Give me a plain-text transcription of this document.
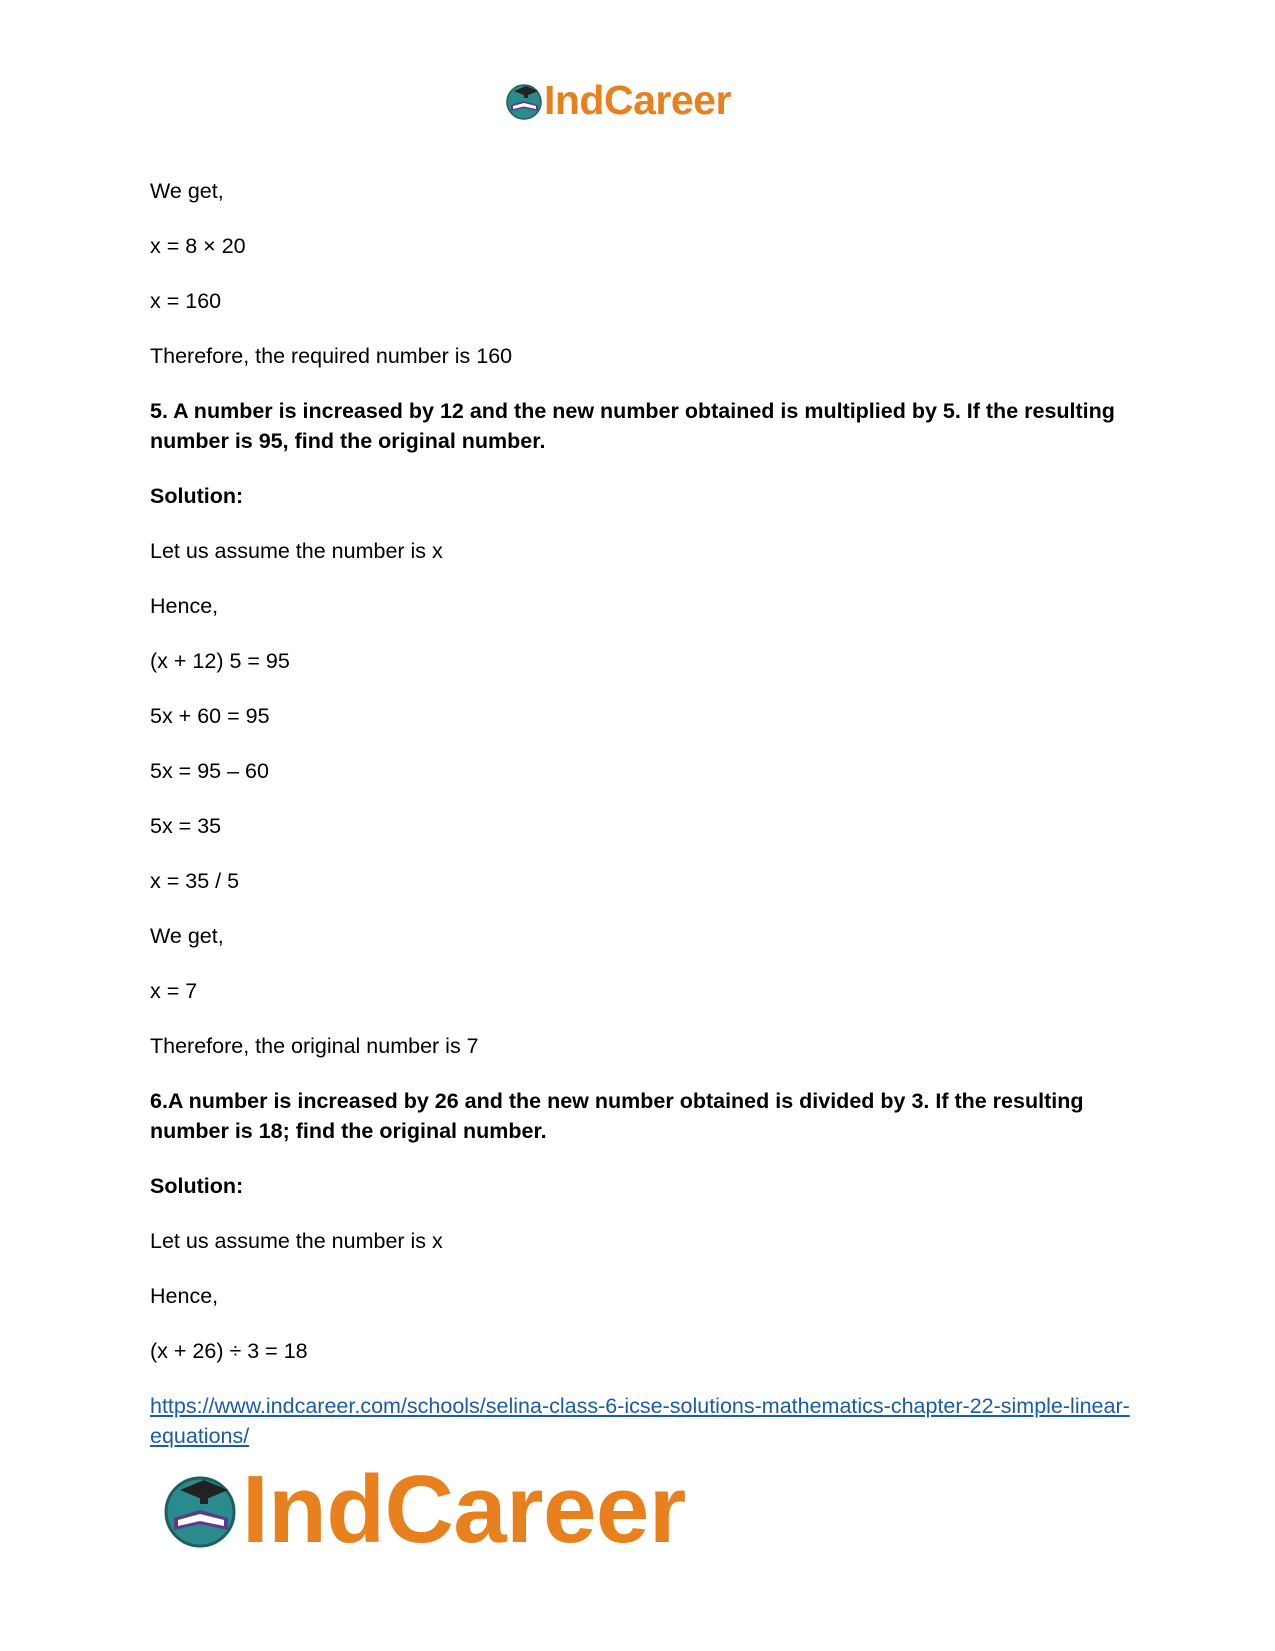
IndCareer

We get,

x = 8 × 20

x = 160

Therefore, the required number is 160

5. A number is increased by 12 and the new number obtained is multiplied by 5. If the resulting number is 95, find the original number.

Solution:

Let us assume the number is x

Hence,

(x + 12) 5 = 95

5x + 60 = 95

5x = 95 – 60

5x = 35

x = 35 / 5

We get,

x = 7

Therefore, the original number is 7

6.A number is increased by 26 and the new number obtained is divided by 3. If the resulting number is 18; find the original number.

Solution:

Let us assume the number is x

Hence,

(x + 26) ÷ 3 = 18

https://www.indcareer.com/schools/selina-class-6-icse-solutions-mathematics-chapter-22-simple-linear-equations/
IndCareer
